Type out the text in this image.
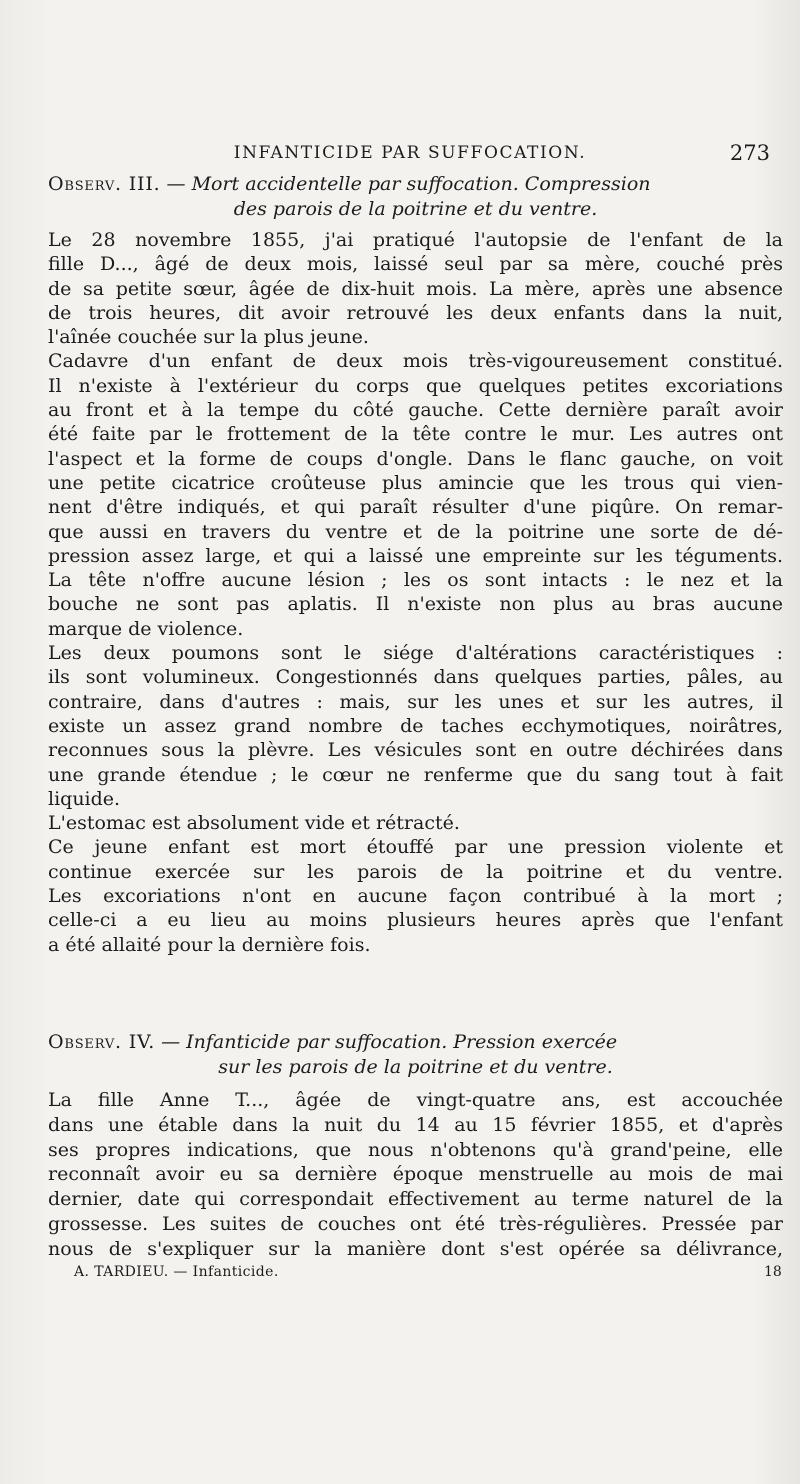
INFANTICIDE PAR SUFFOCATION.	273
Observ. III. — Mort accidentelle par suffocation. Compression
des parois de la poitrine et du ventre.
Le 28 novembre 1855, j'ai pratiqué l'autopsie de l'enfant de la
fille D..., âgé de deux mois, laissé seul par sa mère, couché près
de sa petite sœur, âgée de dix-huit mois. La mère, après une absence
de trois heures, dit avoir retrouvé les deux enfants dans la nuit,
l'aînée couchée sur la plus jeune.
Cadavre d'un enfant de deux mois très-vigoureusement constitué.
Il n'existe à l'extérieur du corps que quelques petites excoriations
au front et à la tempe du côté gauche. Cette dernière paraît avoir
été faite par le frottement de la tête contre le mur. Les autres ont
l'aspect et la forme de coups d'ongle. Dans le flanc gauche, on voit
une petite cicatrice croûteuse plus amincie que les trous qui vien-
nent d'être indiqués, et qui paraît résulter d'une piqûre. On remar-
que aussi en travers du ventre et de la poitrine une sorte de dé-
pression assez large, et qui a laissé une empreinte sur les téguments.
La tête n'offre aucune lésion ; les os sont intacts : le nez et la
bouche ne sont pas aplatis. Il n'existe non plus au bras aucune
marque de violence.
Les deux poumons sont le siége d'altérations caractéristiques :
ils sont volumineux. Congestionnés dans quelques parties, pâles, au
contraire, dans d'autres : mais, sur les unes et sur les autres, il
existe un assez grand nombre de taches ecchymotiques, noirâtres,
reconnues sous la plèvre. Les vésicules sont en outre déchirées dans
une grande étendue ; le cœur ne renferme que du sang tout à fait
liquide.
L'estomac est absolument vide et rétracté.
Ce jeune enfant est mort étouffé par une pression violente et
continue exercée sur les parois de la poitrine et du ventre.
Les excoriations n'ont en aucune façon contribué à la mort ;
celle-ci a eu lieu au moins plusieurs heures après que l'enfant
a été allaité pour la dernière fois.
Observ. IV. — Infanticide par suffocation. Pression exercée
sur les parois de la poitrine et du ventre.
La fille Anne T..., âgée de vingt-quatre ans, est accouchée
dans une étable dans la nuit du 14 au 15 février 1855, et d'après
ses propres indications, que nous n'obtenons qu'à grand'peine, elle
reconnaît avoir eu sa dernière époque menstruelle au mois de mai
dernier, date qui correspondait effectivement au terme naturel de la
grossesse. Les suites de couches ont été très-régulières. Pressée par
nous de s'expliquer sur la manière dont s'est opérée sa délivrance,
A. TARDIEU. — Infanticide.	18
